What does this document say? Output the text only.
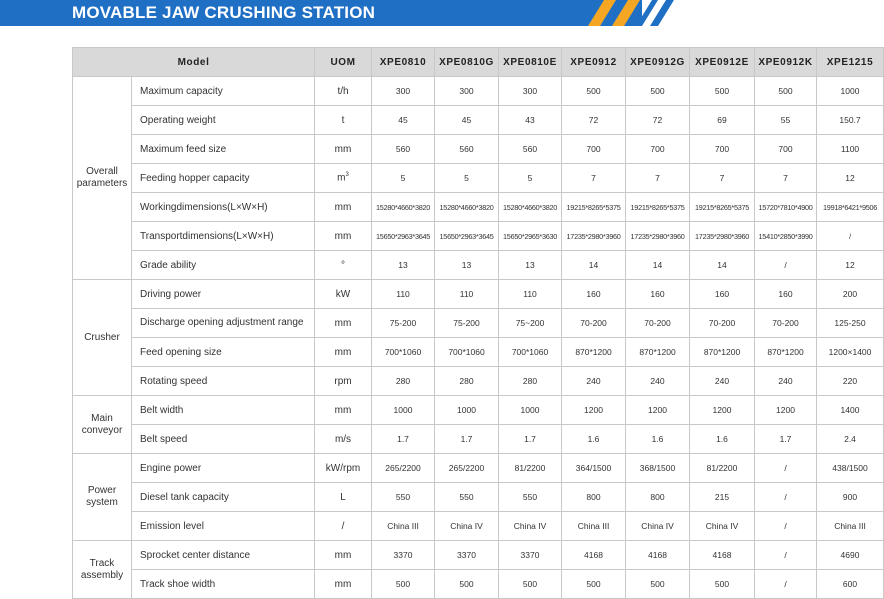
MOVABLE JAW CRUSHING STATION
Model		UOM	XPE0810	XPE0810G	XPE0810E	XPE0912	XPE0912G	XPE0912E	XPE0912K	XPE1215
Overall parameters	Maximum capacity	t/h	300	300	300	500	500	500	500	1000
	Operating weight	t	45	45	43	72	72	69	55	150.7
	Maximum feed size	mm	560	560	560	700	700	700	700	1100
	Feeding hopper capacity	$m^3$	5	5	5	7	7	7	7	12
	Workingdimensions(L×W×H)	mm	15280*4660*3820	15280*4660*3820	15280*4660*3820	19215*8265*5375	19215*8265*5375	19215*8265*5375	15720*7810*4900	19918*6421*9506
	Transportdimensions(L×W×H)	mm	15650*2963*3645	15650*2963*3645	15650*2965*3630	17235*2980*3960	17235*2980*3960	17235*2980*3960	15410*2850*3990	/
	Grade ability	°	13	13	13	14	14	14	/	12
Crusher	Driving power	kW	110	110	110	160	160	160	160	200
	Discharge opening adjustment range	mm	75-200	75-200	75~200	70-200	70-200	70-200	70-200	125-250
	Feed opening size	mm	700*1060	700*1060	700*1060	870*1200	870*1200	870*1200	870*1200	1200×1400
	Rotating speed	rpm	280	280	280	240	240	240	240	220
Main conveyor	Belt width	mm	1000	1000	1000	1200	1200	1200	1200	1400
	Belt speed	m/s	1.7	1.7	1.7	1.6	1.6	1.6	1.7	2.4
Power system	Engine power	kW/rpm	265/2200	265/2200	81/2200	364/1500	368/1500	81/2200	/	438/1500
	Diesel tank capacity	L	550	550	550	800	800	215	/	900
	Emission level	/	China III	China IV	China IV	China III	China IV	China IV	/	China III
Track assembly	Sprocket center distance	mm	3370	3370	3370	4168	4168	4168	/	4690
	Track shoe width	mm	500	500	500	500	500	500	/	600
